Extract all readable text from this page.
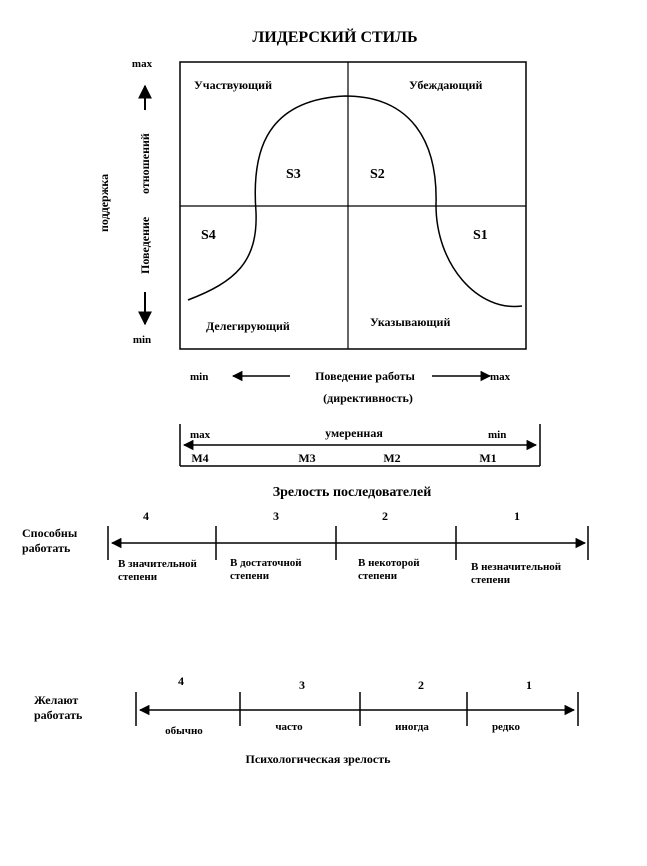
ЛИДЕРСКИЙ СТИЛЬ
max
min
поддержка
Поведение
отношений
Участвующий	Убеждающий
Делегирующий	Указывающий
S3	S2
S4	S1
min	Поведение работы	max
(директивность)
max	умеренная	min
M4	M3	M2	M1
Зрелость последователей
Способны
работать
4	3	2	1
В значительной
степени
В достаточной
степени
В некоторой
степени
В незначительной
степени
Желают
работать
4	3	2	1
обычно	часто	иногда	редко
Психологическая зрелость
